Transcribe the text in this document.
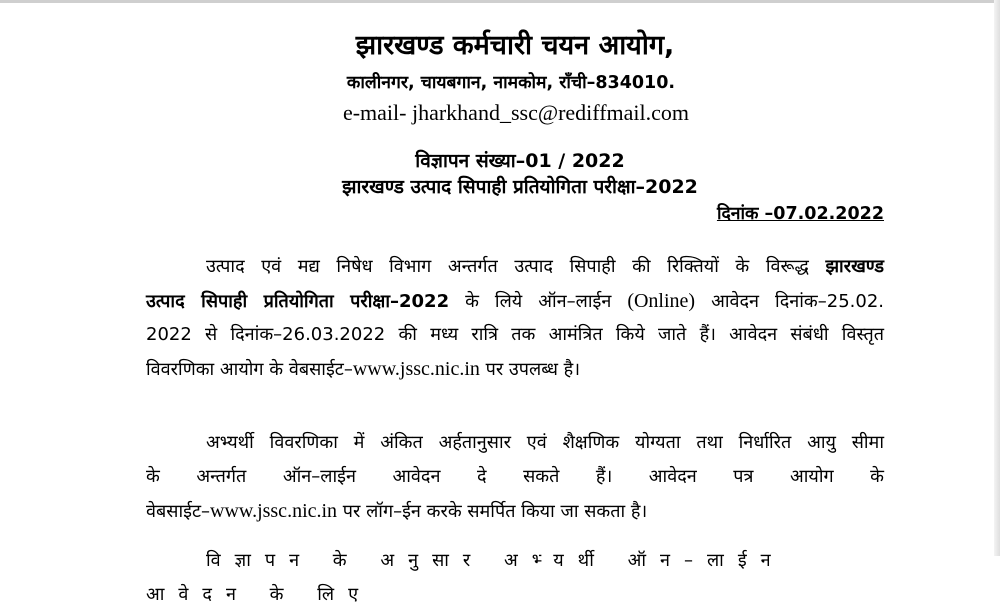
झारखण्ड कर्मचारी चयन आयोग,
कालीनगर, चायबगान, नामकोम, राँची–834010.
e-mail- jharkhand_ssc@rediffmail.com
विज्ञापन संख्या–01 / 2022
झारखण्ड उत्पाद सिपाही प्रतियोगिता परीक्षा–2022
दिनांक –07.02.2022
उत्पाद एवं मद्य निषेध विभाग अन्तर्गत उत्पाद सिपाही की रिक्तियों के विरूद्ध झारखण्ड
उत्पाद सिपाही प्रतियोगिता परीक्षा–2022 के लिये ऑन–लाईन (Online) आवेदन दिनांक–25.02.
2022 से दिनांक–26.03.2022 की मध्य रात्रि तक आमंत्रित किये जाते हैं। आवेदन संबंधी विस्तृत
विवरणिका आयोग के वेबसाईट–www.jssc.nic.in पर उपलब्ध है।
अभ्यर्थी विवरणिका में अंकित अर्हतानुसार एवं शैक्षणिक योग्यता तथा निर्धारित आयु सीमा
के अन्तर्गत ऑन–लाईन आवेदन दे सकते हैं। आवेदन पत्र आयोग के
वेबसाईट–www.jssc.nic.in पर लॉग–ईन करके समर्पित किया जा सकता है।
विज्ञापन के अनुसार अभ्यर्थी ऑन–लाईन आवेदन के लिए
